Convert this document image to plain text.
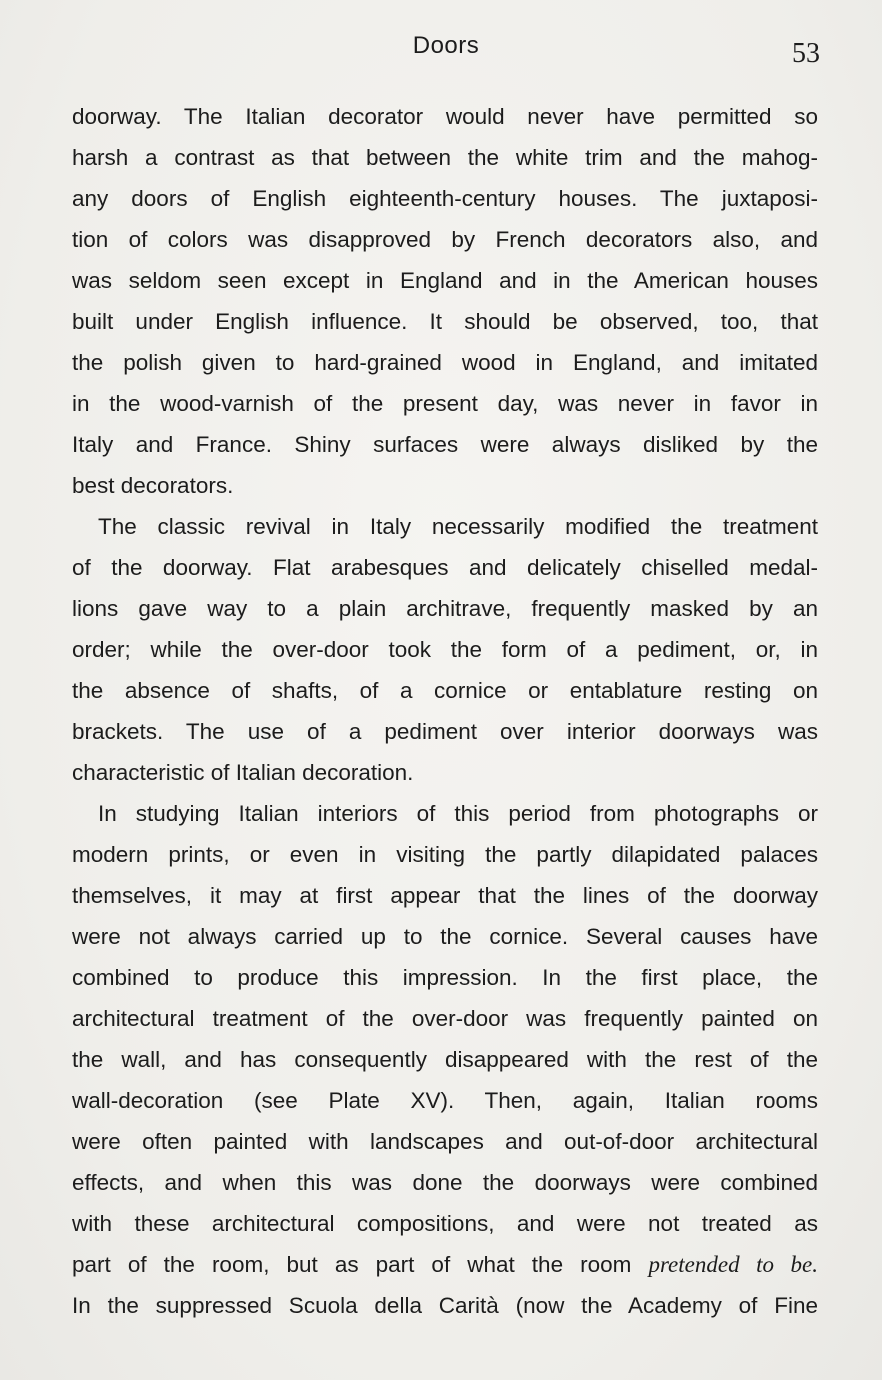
Doors	53
doorway. The Italian decorator would never have permitted so
harsh a contrast as that between the white trim and the mahog-
any doors of English eighteenth-century houses. The juxtaposi-
tion of colors was disapproved by French decorators also, and
was seldom seen except in England and in the American houses
built under English influence. It should be observed, too, that
the polish given to hard-grained wood in England, and imitated
in the wood-varnish of the present day, was never in favor in
Italy and France. Shiny surfaces were always disliked by the
best decorators.
The classic revival in Italy necessarily modified the treatment
of the doorway. Flat arabesques and delicately chiselled medal-
lions gave way to a plain architrave, frequently masked by an
order; while the over-door took the form of a pediment, or, in
the absence of shafts, of a cornice or entablature resting on
brackets. The use of a pediment over interior doorways was
characteristic of Italian decoration.
In studying Italian interiors of this period from photographs or
modern prints, or even in visiting the partly dilapidated palaces
themselves, it may at first appear that the lines of the doorway
were not always carried up to the cornice. Several causes have
combined to produce this impression. In the first place, the
architectural treatment of the over-door was frequently painted on
the wall, and has consequently disappeared with the rest of the
wall-decoration (see Plate XV). Then, again, Italian rooms
were often painted with landscapes and out-of-door architectural
effects, and when this was done the doorways were combined
with these architectural compositions, and were not treated as
part of the room, but as part of what the room pretended to be.
In the suppressed Scuola della Carità (now the Academy of Fine
